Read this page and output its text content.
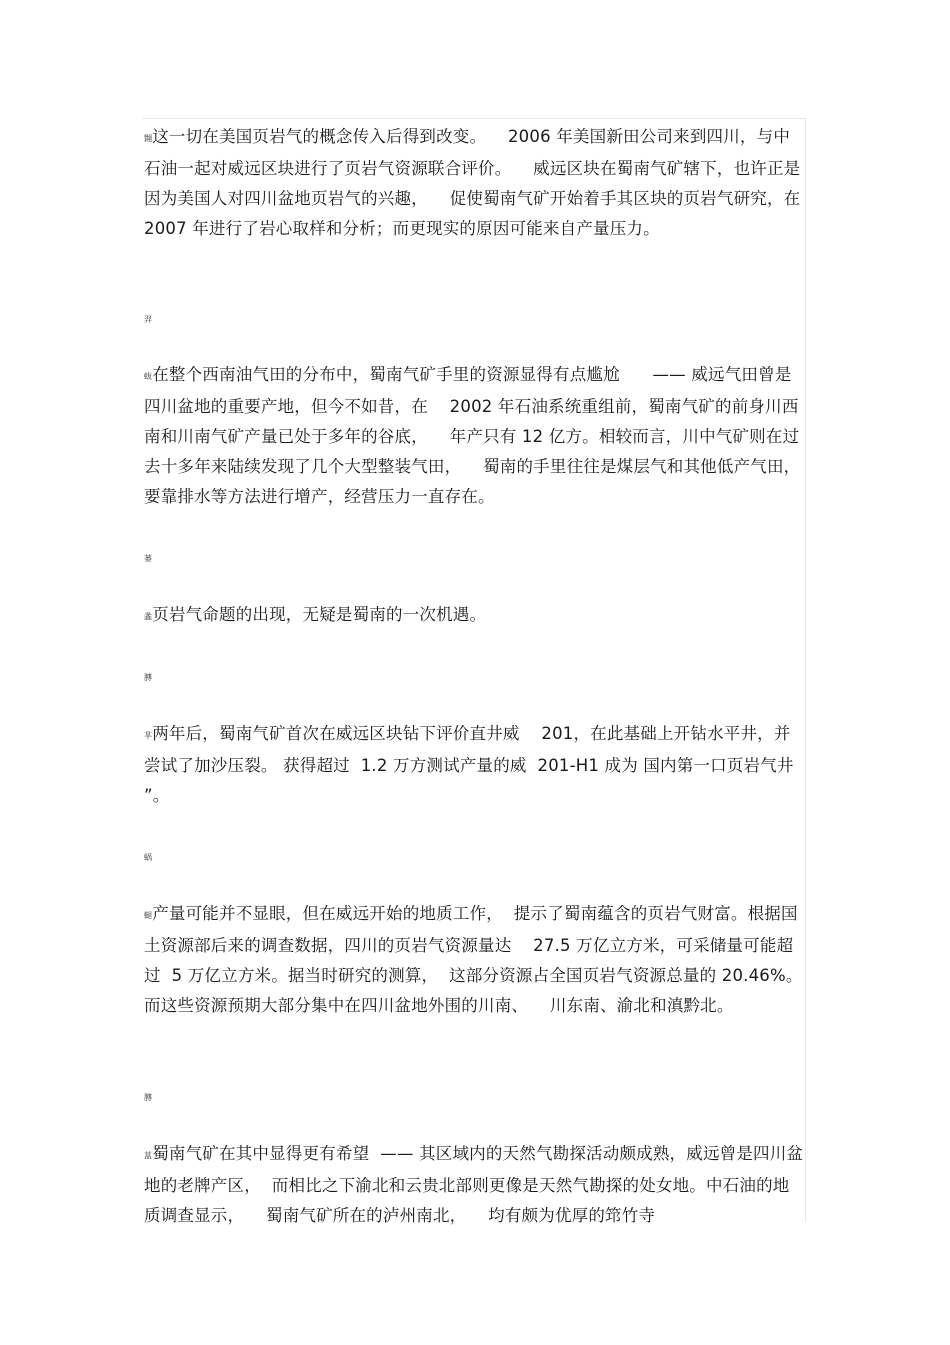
翾这一切在美国页岩气的概念传入后得到改变。    2006 年美国新田公司来到四川，与中石油一起对威远区块进行了页岩气资源联合评价。    威远区块在蜀南气矿辖下，也许正是因为美国人对四川盆地页岩气的兴趣，    促使蜀南气矿开始着手其区块的页岩气研究，在  2007 年进行了岩心取样和分析；而更现实的原因可能来自产量压力。
羿
蛂在整个西南油气田的分布中，蜀南气矿手里的资源显得有点尴尬      —— 威远气田曾是四川盆地的重要产地，但今不如昔，在    2002 年石油系统重组前，蜀南气矿的前身川西南和川南气矿产量已处于多年的谷底，    年产只有 12 亿方。相较而言，川中气矿则在过去十多年来陆续发现了几个大型整装气田，    蜀南的手里往往是煤层气和其他低产气田，要靠排水等方法进行增产，经营压力一直存在。
蒌
螽页岩气命题的出现，无疑是蜀南的一次机遇。
膞
芈两年后，蜀南气矿首次在威远区块钻下评价直井威    201，在此基础上开钻水平井，并尝试了加沙压裂。 获得超过  1.2 万方测试产量的威  201-H1 成为 国内第一口页岩气井 ”。
蜗
螁产量可能并不显眼，但在威远开始的地质工作，  提示了蜀南蕴含的页岩气财富。根据国土资源部后来的调查数据，四川的页岩气资源量达    27.5 万亿立方米，可采储量可能超过  5 万亿立方米。据当时研究的测算，  这部分资源占全国页岩气资源总量的 20.46%。而这些资源预期大部分集中在四川盆地外围的川南、    川东南、渝北和滇黔北。
膞
蒀蜀南气矿在其中显得更有希望  —— 其区域内的天然气勘探活动颇成熟，威远曾是四川盆地的老牌产区，  而相比之下渝北和云贵北部则更像是天然气勘探的处女地。中石油的地质调查显示，    蜀南气矿所在的泸州南北，    均有颇为优厚的筇竹寺
